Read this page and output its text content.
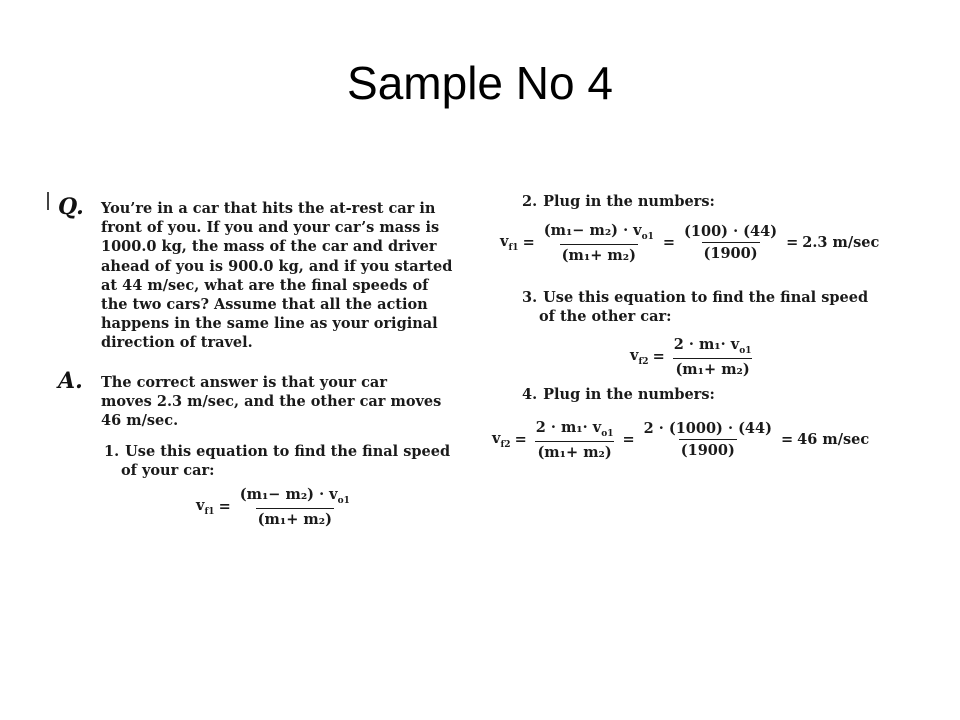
Sample No 4
Q. You’re in a car that hits the at-rest car in
front of you. If you and your car’s mass is
1000.0 kg, the mass of the car and driver
ahead of you is 900.0 kg, and if you started
at 44 m/sec, what are the final speeds of
the two cars? Assume that all the action
happens in the same line as your original
direction of travel.
A. The correct answer is that your car
moves 2.3 m/sec, and the other car moves
46 m/sec.
1. Use this equation to find the final speed
of your car:
$v_{f1} = \frac{(m_1- m_2) \cdot v_{o1}}{\text{(m₁+ m₂)}}$
2. Plug in the numbers:
$v_{f1} = \frac{(m_1- m_2) \cdot v_{o1}}{\text{(m₁+ m₂)}} = \frac{(100) \cdot (44)}{(1900)} = 2.3$ m/sec
3. Use this equation to find the final speed
of the other car:
$v_{f2} = \frac{2 \cdot m_1\cdot v_{o1}}{\text{(m₁+ m₂)}}$
4. Plug in the numbers:
$v_{f2} = \frac{2 \cdot m_1\cdot v_{o1}}{\text{(m₁+ m₂)}} = \frac{2 \cdot (1000) \cdot (44)}{(1900)} = 46$ m/sec
